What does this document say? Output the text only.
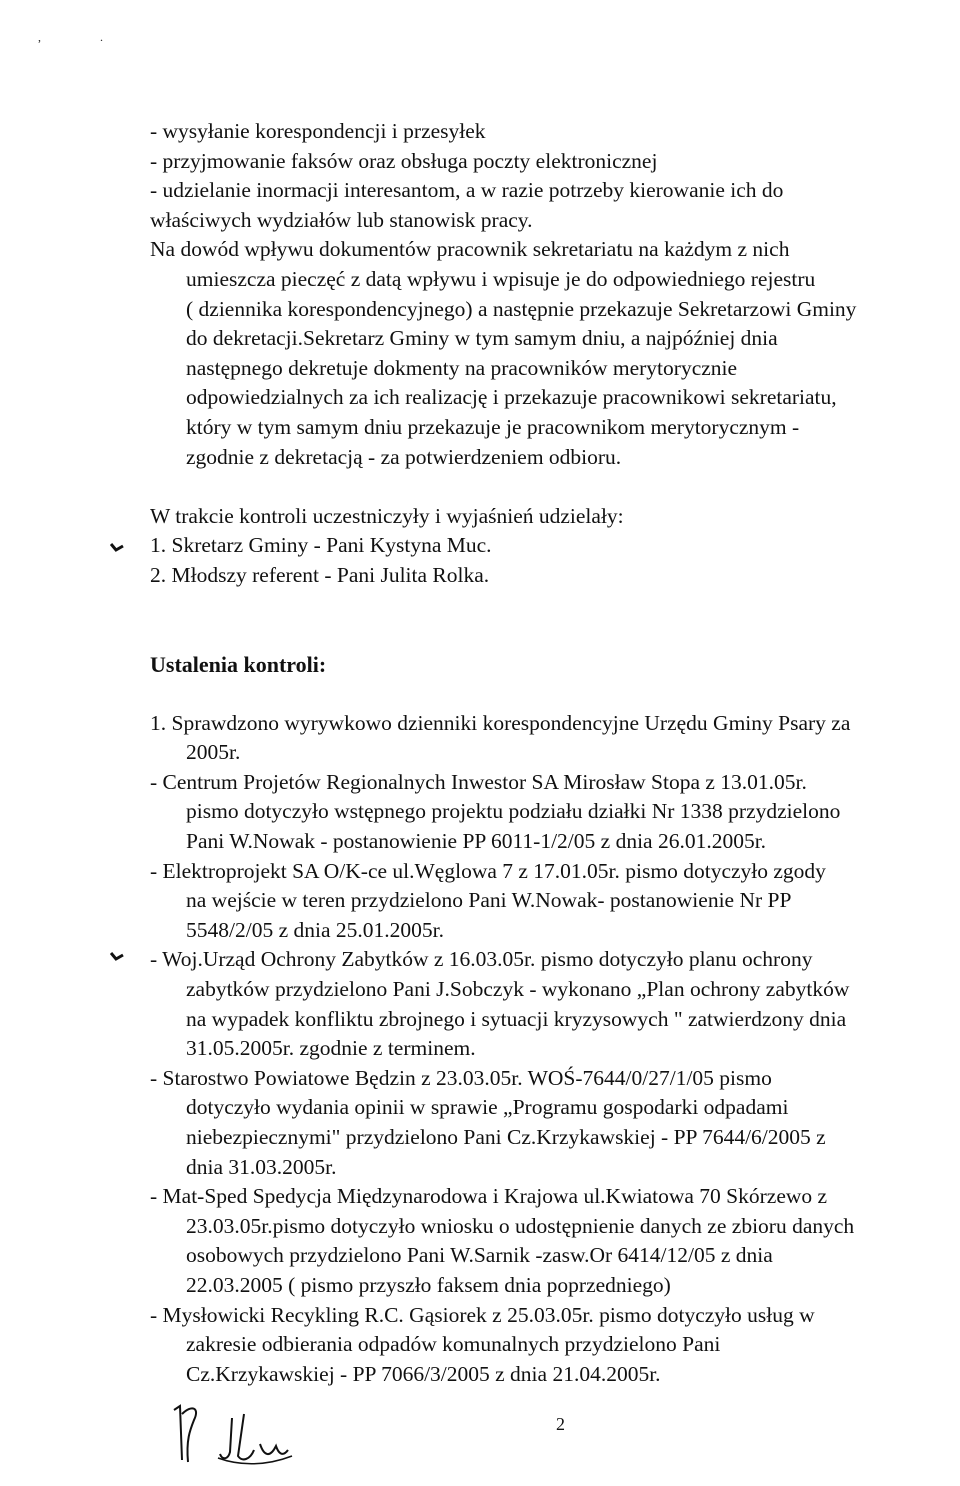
,	.
- wysyłanie korespondencji i przesyłek
- przyjmowanie faksów oraz obsługa poczty elektronicznej
- udzielanie inormacji interesantom, a w razie potrzeby kierowanie ich do
właściwych wydziałów lub stanowisk pracy.
Na dowód wpływu dokumentów pracownik sekretariatu na każdym z nich
umieszcza pieczęć z datą wpływu i wpisuje je do odpowiedniego rejestru
( dziennika korespondencyjnego) a następnie przekazuje Sekretarzowi Gminy
do dekretacji.Sekretarz Gminy w tym samym dniu, a najpóźniej dnia
następnego dekretuje dokmenty na pracowników merytorycznie
odpowiedzialnych za ich realizację i przekazuje pracownikowi sekretariatu,
który w tym samym dniu przekazuje je pracownikom merytorycznym -
zgodnie z dekretacją - za potwierdzeniem odbioru.
W trakcie kontroli uczestniczyły i wyjaśnień udzielały:
1. Skretarz Gminy - Pani Kystyna Muc.
2. Młodszy referent - Pani Julita Rolka.
Ustalenia kontroli:
1. Sprawdzono wyrywkowo dzienniki korespondencyjne Urzędu Gminy Psary za
2005r.
- Centrum Projetów Regionalnych Inwestor SA Mirosław Stopa z 13.01.05r.
pismo dotyczyło wstępnego projektu podziału działki Nr 1338 przydzielono
Pani W.Nowak - postanowienie PP 6011-1/2/05 z dnia 26.01.2005r.
- Elektroprojekt SA O/K-ce ul.Węglowa 7 z 17.01.05r. pismo dotyczyło zgody
na wejście w teren przydzielono Pani W.Nowak- postanowienie Nr PP
5548/2/05 z dnia 25.01.2005r.
- Woj.Urząd Ochrony Zabytków z 16.03.05r. pismo dotyczyło planu ochrony
zabytków przydzielono Pani J.Sobczyk - wykonano „Plan ochrony zabytków
na wypadek konfliktu zbrojnego i sytuacji kryzysowych " zatwierdzony dnia
31.05.2005r. zgodnie z terminem.
- Starostwo Powiatowe Będzin z 23.03.05r. WOŚ-7644/0/27/1/05 pismo
dotyczyło wydania opinii w sprawie „Programu gospodarki odpadami
niebezpiecznymi" przydzielono Pani Cz.Krzykawskiej - PP 7644/6/2005 z
dnia 31.03.2005r.
- Mat-Sped Spedycja Międzynarodowa i Krajowa ul.Kwiatowa 70 Skórzewo z
23.03.05r.pismo dotyczyło wniosku o udostępnienie danych ze zbioru danych
osobowych przydzielono Pani W.Sarnik -zasw.Or 6414/12/05 z dnia
22.03.2005 ( pismo przyszło faksem dnia poprzedniego)
- Mysłowicki Recykling R.C. Gąsiorek z 25.03.05r. pismo dotyczyło usług w
zakresie odbierania odpadów komunalnych przydzielono Pani
Cz.Krzykawskiej - PP 7066/3/2005 z dnia 21.04.2005r.
2
